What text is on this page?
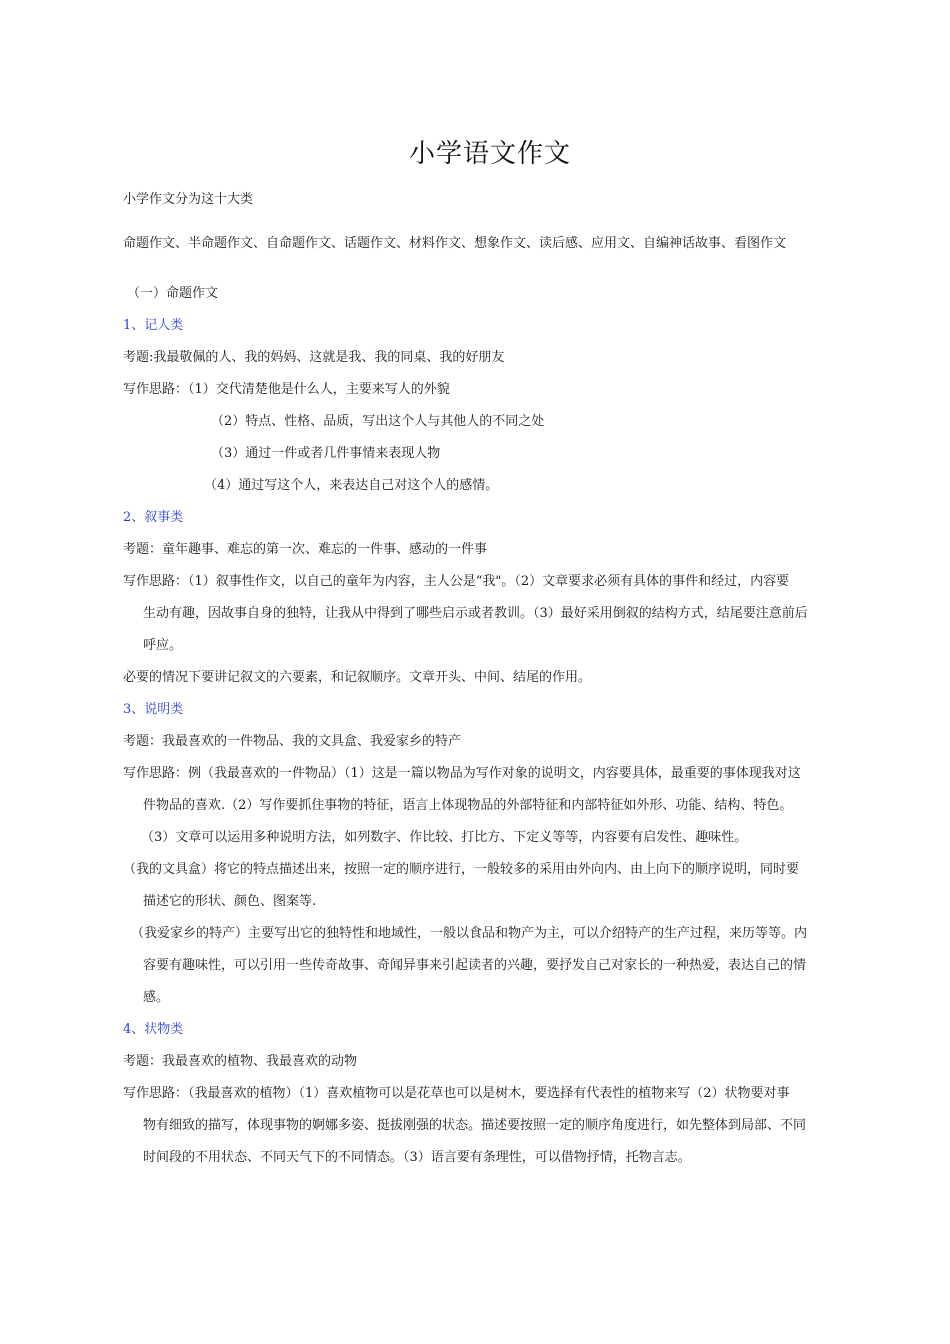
小学语文作文
小学作文分为这十大类
命题作文、半命题作文、自命题作文、话题作文、材料作文、想象作文、读后感、应用文、自编神话故事、看图作文
（一）命题作文
1、记人类
考题:我最敬佩的人、我的妈妈、这就是我、我的同桌、我的好朋友
写作思路：（1）交代清楚他是什么人，主要来写人的外貌
（2）特点、性格、品质，写出这个人与其他人的不同之处
（3）通过一件或者几件事情来表现人物
（4）通过写这个人，来表达自己对这个人的感情。
2、叙事类
考题：童年趣事、难忘的第一次、难忘的一件事、感动的一件事
写作思路：（1）叙事性作文，以自己的童年为内容，主人公是“我"。（2）文章要求必须有具体的事件和经过，内容要
生动有趣，因故事自身的独特，让我从中得到了哪些启示或者教训。（3）最好采用倒叙的结构方式，结尾要注意前后
呼应。
必要的情况下要讲记叙文的六要素，和记叙顺序。文章开头、中间、结尾的作用。
3、说明类
考题：我最喜欢的一件物品、我的文具盒、我爱家乡的特产
写作思路：例（我最喜欢的一件物品）（1）这是一篇以物品为写作对象的说明文，内容要具体，最重要的事体现我对这
件物品的喜欢.（2）写作要抓住事物的特征，语言上体现物品的外部特征和内部特征如外形、功能、结构、特色。
（3）文章可以运用多种说明方法，如列数字、作比较、打比方、下定义等等，内容要有启发性、趣味性。
（我的文具盒）将它的特点描述出来，按照一定的顺序进行，一般较多的采用由外向内、由上向下的顺序说明，同时要
描述它的形状、颜色、图案等.
（我爱家乡的特产）主要写出它的独特性和地域性，一般以食品和物产为主，可以介绍特产的生产过程，来历等等。内
容要有趣味性，可以引用一些传奇故事、奇闻异事来引起读者的兴趣，要抒发自己对家长的一种热爱，表达自己的情
感。
4、状物类
考题：我最喜欢的植物、我最喜欢的动物
写作思路：（我最喜欢的植物）（1）喜欢植物可以是花草也可以是树木，要选择有代表性的植物来写（2）状物要对事
物有细致的描写，体现事物的婀娜多姿、挺拔刚强的状态。描述要按照一定的顺序角度进行，如先整体到局部、不同
时间段的不用状态、不同天气下的不同情态。（3）语言要有条理性，可以借物抒情，托物言志。
